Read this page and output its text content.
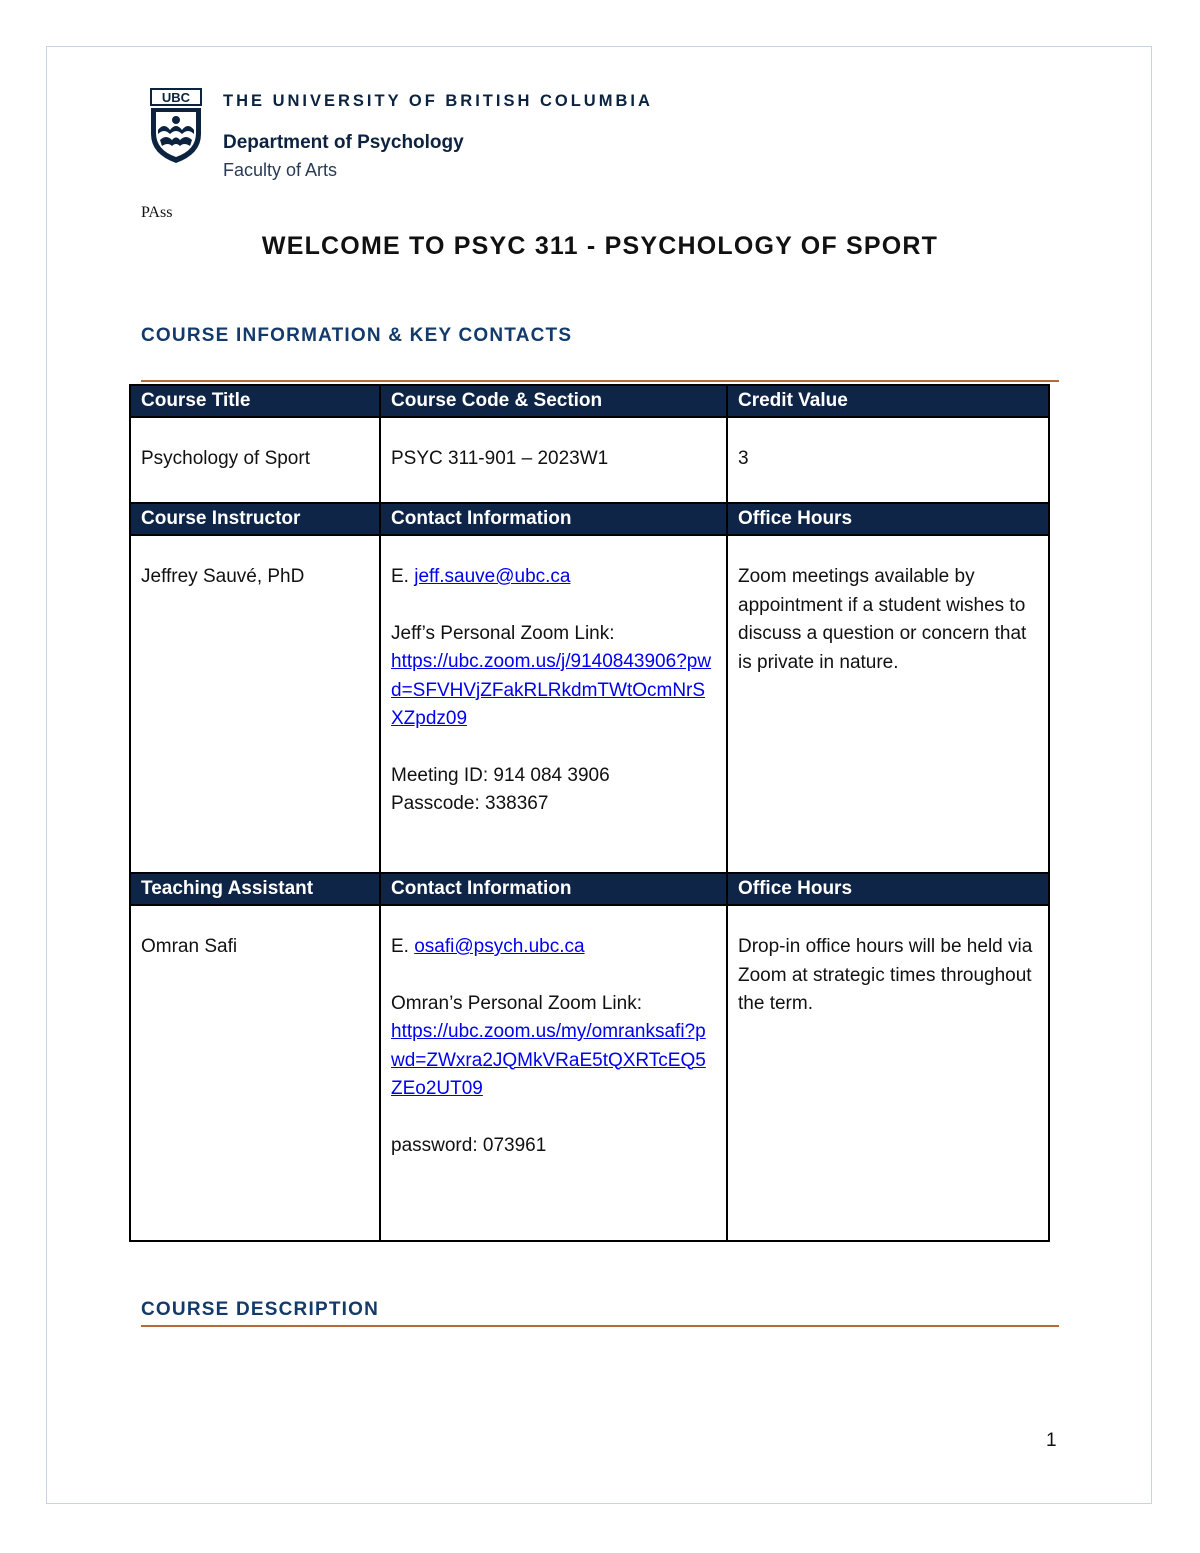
UBC THE UNIVERSITY OF BRITISH COLUMBIA
Department of Psychology
Faculty of Arts
PAss
WELCOME TO PSYC 311 - PSYCHOLOGY OF SPORT
COURSE INFORMATION & KEY CONTACTS
Course Title	Course Code & Section	Credit Value
Psychology of Sport	PSYC 311-901 – 2023W1	3
Course Instructor	Contact Information	Office Hours
Jeffrey Sauvé, PhD	E. jeff.sauve@ubc.ca
Jeff’s Personal Zoom Link:
https://ubc.zoom.us/j/9140843906?pwd=SFVHVjZFakRLRkdmTWtOcmNrSXZpdz09
Meeting ID: 914 084 3906
Passcode: 338367	Zoom meetings available by appointment if a student wishes to discuss a question or concern that is private in nature.
Teaching Assistant	Contact Information	Office Hours
Omran Safi	E. osafi@psych.ubc.ca
Omran’s Personal Zoom Link:
https://ubc.zoom.us/my/omranksafi?pwd=ZWxra2JQMkVRaE5tQXRTcEQ5ZEo2UT09
password: 073961	Drop-in office hours will be held via Zoom at strategic times throughout the term.
COURSE DESCRIPTION
1
